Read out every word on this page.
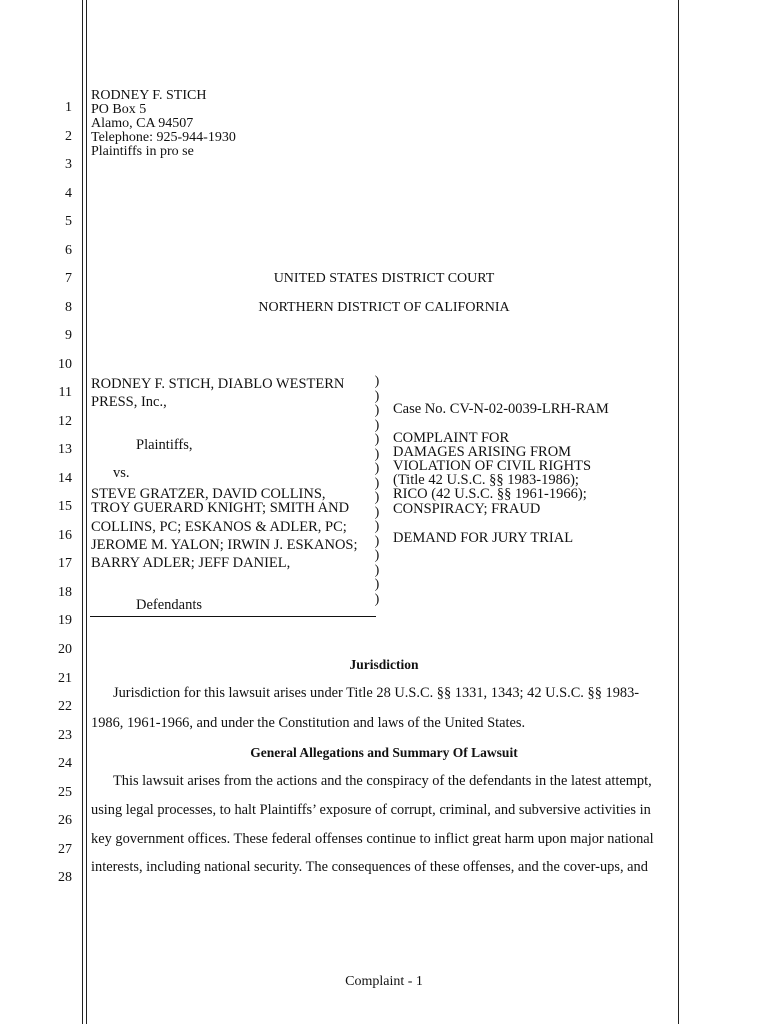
1
2
3
4
5
6
7
8
9
10
11
12
13
14
15
16
17
18
19
20
21
22
23
24
25
26
27
28
RODNEY F. STICH
PO Box 5
Alamo, CA 94507
Telephone: 925-944-1930
Plaintiffs in pro se
UNITED STATES DISTRICT COURT
NORTHERN DISTRICT OF CALIFORNIA
RODNEY F. STICH, DIABLO WESTERN
PRESS, Inc.,
Plaintiffs,
vs.
STEVE GRATZER, DAVID COLLINS,
TROY GUERARD KNIGHT; SMITH AND
COLLINS, PC; ESKANOS & ADLER, PC;
JEROME M. YALON; IRWIN J. ESKANOS;
BARRY ADLER; JEFF DANIEL,
Defendants
)
)
)
)
)
)
)
)
)
)
)
)
)
)
)
)
Case No. CV-N-02-0039-LRH-RAM
COMPLAINT FOR
DAMAGES ARISING FROM
VIOLATION OF CIVIL RIGHTS
(Title 42 U.S.C. §§ 1983-1986);
RICO (42 U.S.C. §§ 1961-1966);
CONSPIRACY; FRAUD
DEMAND FOR JURY TRIAL
Jurisdiction
Jurisdiction for this lawsuit arises under Title 28 U.S.C. §§ 1331, 1343; 42 U.S.C. §§ 1983-
1986, 1961-1966, and under the Constitution and laws of the United States.
General Allegations and Summary Of Lawsuit
This lawsuit arises from the actions and the conspiracy of the defendants in the latest attempt,
using legal processes, to halt Plaintiffs’ exposure of corrupt, criminal, and subversive activities in
key government offices. These federal offenses continue to inflict great harm upon major national
interests, including national security. The consequences of these offenses, and the cover-ups, and
Complaint - 1
